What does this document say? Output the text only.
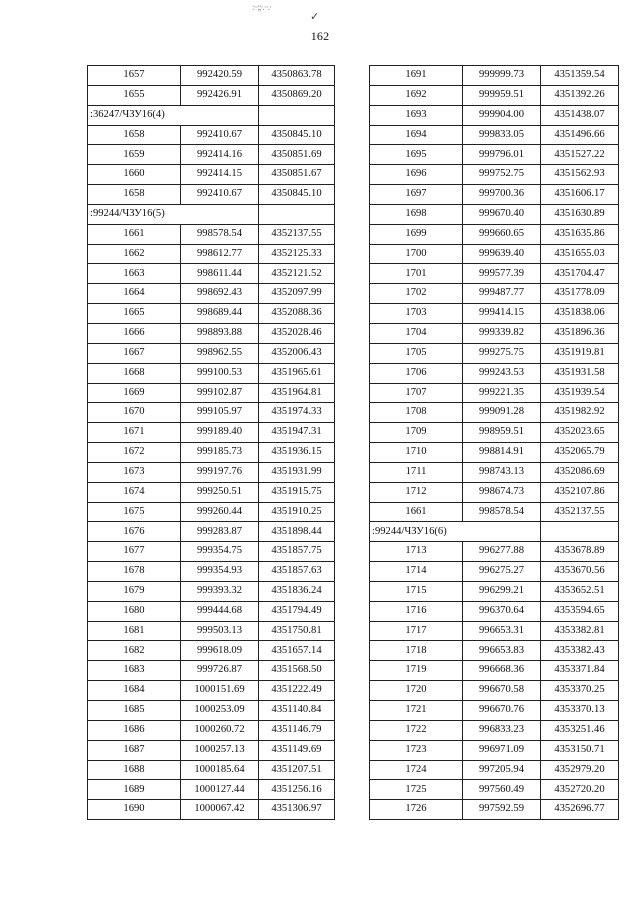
:··;;·.··.·
✓
162
1657	992420.59	4350863.78
1655	992426.91	4350869.20
:36247/ЧЗУ16(4)		
1658	992410.67	4350845.10
1659	992414.16	4350851.69
1660	992414.15	4350851.67
1658	992410.67	4350845.10
:99244/ЧЗУ16(5)		
1661	998578.54	4352137.55
1662	998612.77	4352125.33
1663	998611.44	4352121.52
1664	998692.43	4352097.99
1665	998689.44	4352088.36
1666	998893.88	4352028.46
1667	998962.55	4352006.43
1668	999100.53	4351965.61
1669	999102.87	4351964.81
1670	999105.97	4351974.33
1671	999189.40	4351947.31
1672	999185.73	4351936.15
1673	999197.76	4351931.99
1674	999250.51	4351915.75
1675	999260.44	4351910.25
1676	999283.87	4351898.44
1677	999354.75	4351857.75
1678	999354.93	4351857.63
1679	999393.32	4351836.24
1680	999444.68	4351794.49
1681	999503.13	4351750.81
1682	999618.09	4351657.14
1683	999726.87	4351568.50
1684	1000151.69	4351222.49
1685	1000253.09	4351140.84
1686	1000260.72	4351146.79
1687	1000257.13	4351149.69
1688	1000185.64	4351207.51
1689	1000127.44	4351256.16
1690	1000067.42	4351306.97
1691	999999.73	4351359.54
1692	999959.51	4351392.26
1693	999904.00	4351438.07
1694	999833.05	4351496.66
1695	999796.01	4351527.22
1696	999752.75	4351562.93
1697	999700.36	4351606.17
1698	999670.40	4351630.89
1699	999660.65	4351635.86
1700	999639.40	4351655.03
1701	999577.39	4351704.47
1702	999487.77	4351778.09
1703	999414.15	4351838.06
1704	999339.82	4351896.36
1705	999275.75	4351919.81
1706	999243.53	4351931.58
1707	999221.35	4351939.54
1708	999091.28	4351982.92
1709	998959.51	4352023.65
1710	998814.91	4352065.79
1711	998743.13	4352086.69
1712	998674.73	4352107.86
1661	998578.54	4352137.55
:99244/ЧЗУ16(6)		
1713	996277.88	4353678.89
1714	996275.27	4353670.56
1715	996299.21	4353652.51
1716	996370.64	4353594.65
1717	996653.31	4353382.81
1718	996653.83	4353382.43
1719	996668.36	4353371.84
1720	996670.58	4353370.25
1721	996670.76	4353370.13
1722	996833.23	4353251.46
1723	996971.09	4353150.71
1724	997205.94	4352979.20
1725	997560.49	4352720.20
1726	997592.59	4352696.77
